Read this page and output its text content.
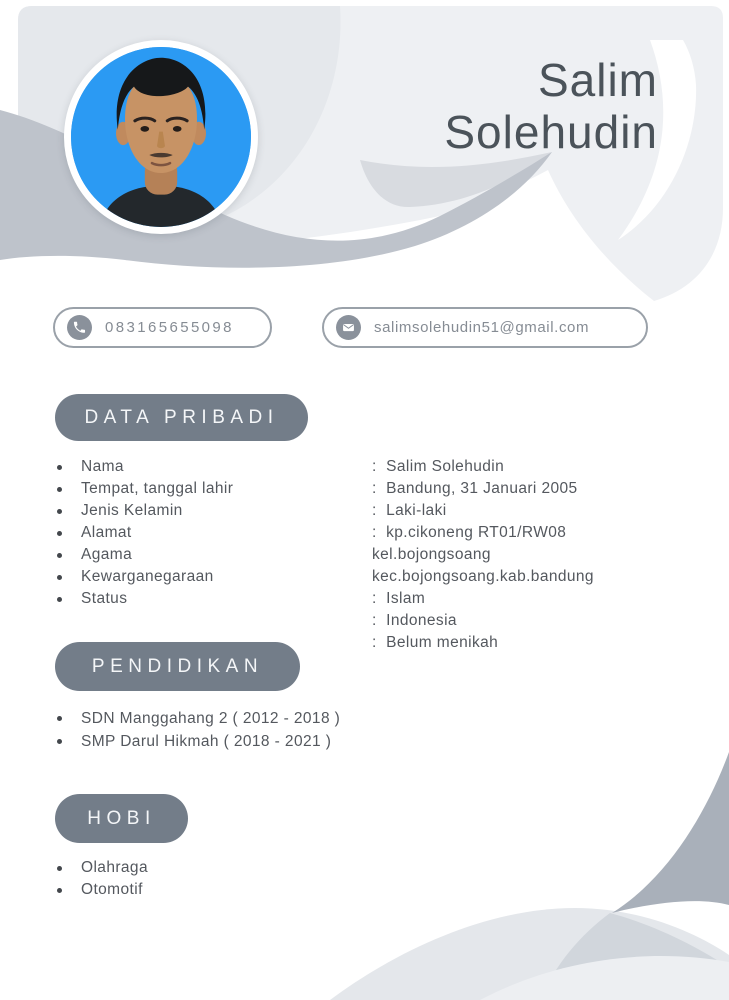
Salim
Solehudin
083165655098	salimsolehudin51@gmail.com
DATA PRIBADI
Nama
Tempat, tanggal lahir
Jenis Kelamin
Alamat
Agama
Kewarganegaraan
Status
:  Salim Solehudin
:  Bandung, 31 Januari 2005
:  Laki-laki
:  kp.cikoneng RT01/RW08
kel.bojongsoang
kec.bojongsoang.kab.bandung
:  Islam
:  Indonesia
:  Belum menikah
PENDIDIKAN
SDN Manggahang 2 ( 2012 - 2018 )
SMP Darul Hikmah ( 2018 - 2021 )
HOBI
Olahraga
Otomotif
